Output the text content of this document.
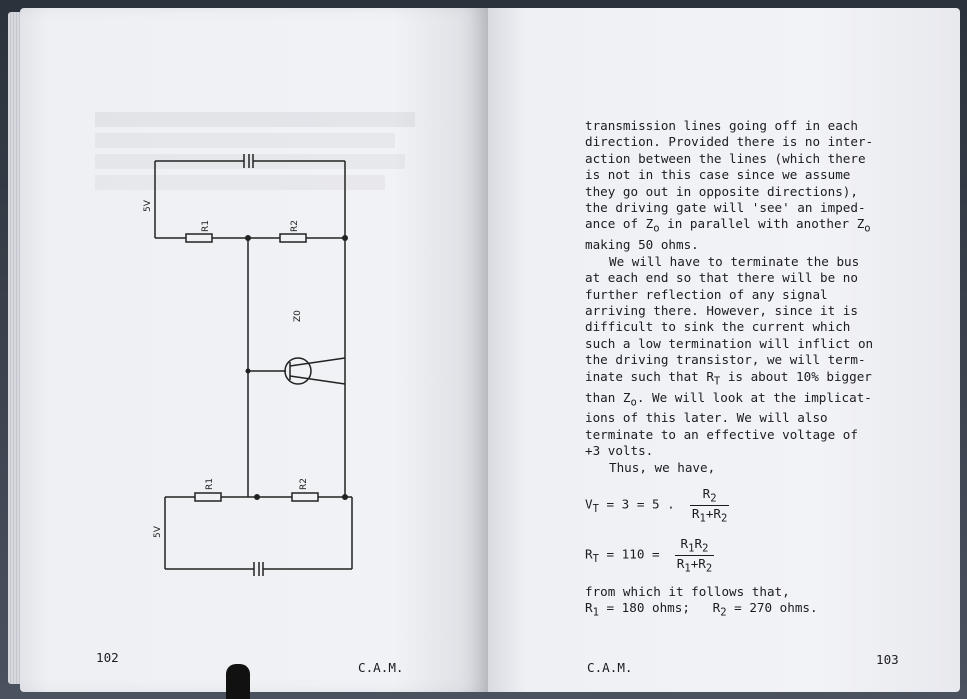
5V
R1	R2
Z0
R1	R2
5V

transmission lines going off in each

direction. Provided there is no inter-

action between the lines (which there

is not in this case since we assume

they go out in opposite directions),

the driving gate will 'see' an imped-

ance of $Z_o$ in parallel with another $Z_o$

making 50 ohms.

We will have to terminate the bus

at each end so that there will be no

further reflection of any signal

arriving there. However, since it is

difficult to sink the current which

such a low termination will inflict on

the driving transistor, we will term-

inate such that $R_T$ is about 10% bigger

than $Z_o$. We will look at the implicat-

ions of this later. We will also

terminate to an effective voltage of

+3 volts.

Thus, we have,

$V_T = 3 = 5$ . $\frac{R_2}{R_1+R_2}$
$R_T = 110 = \frac{R_1R_2}{R_1+R_2}$
from which it follows that,
$R_1 = 180$ ohms; $R_2 = 270$ ohms.
102
C.A.M.	C.A.M.
103
